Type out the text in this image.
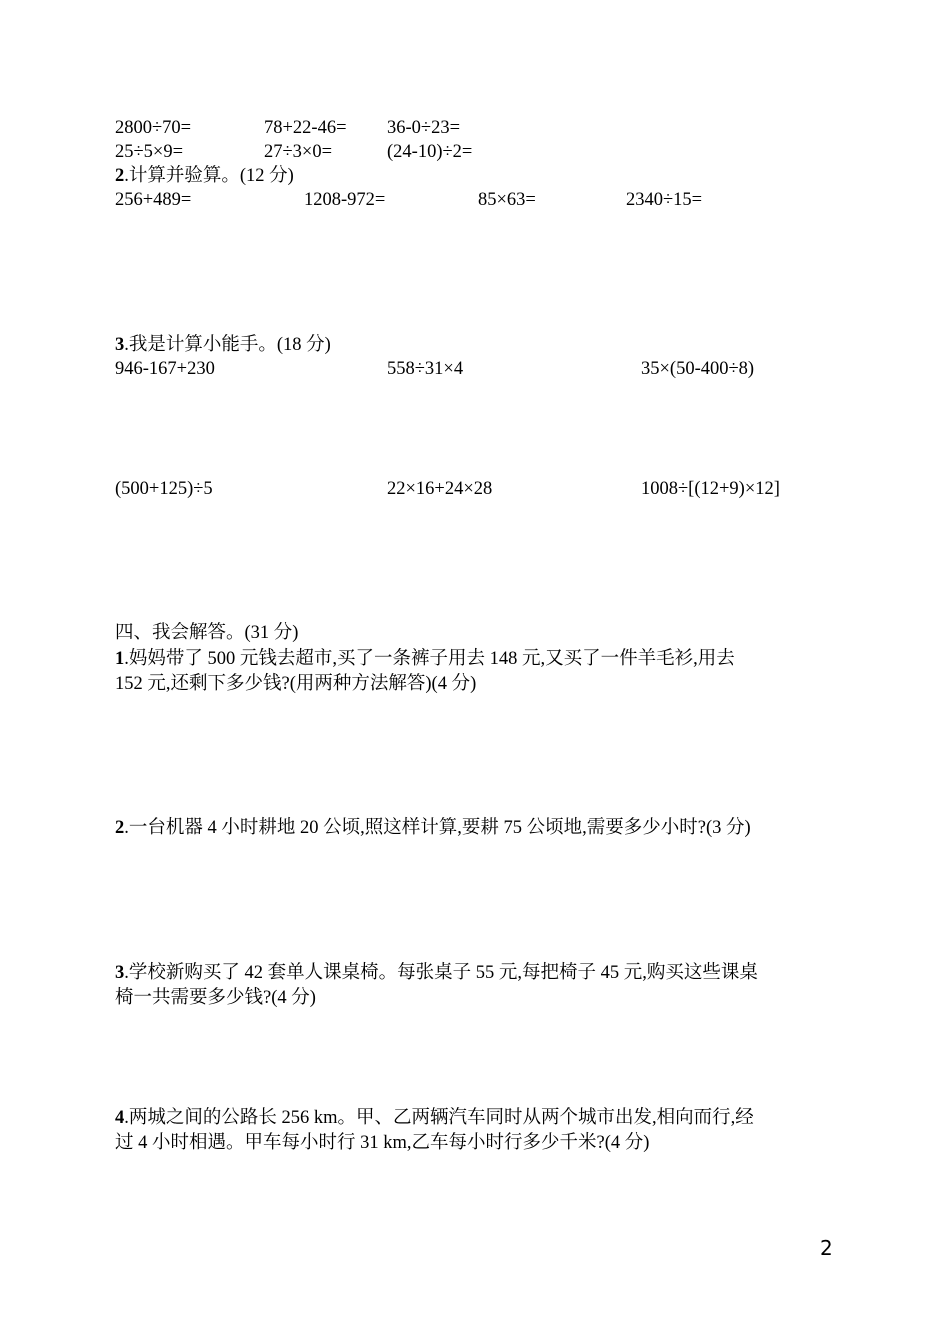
2800÷70=	78+22-46= 36-0÷23=
25÷5×9=	27÷3×0=	(24-10)÷2=
2.计算并验算。(12 分)
256+489=	1208-972=	85×63=	2340÷15=
3.我是计算小能手。(18 分)
946-167+230	558÷31×4	35×(50-400÷8)
(500+125)÷5	22×16+24×28	1008÷[(12+9)×12]
四、我会解答。(31 分)
1.妈妈带了 500 元钱去超市,买了一条裤子用去 148 元,又买了一件羊毛衫,用去
152 元,还剩下多少钱?(用两种方法解答)(4 分)
2.一台机器 4 小时耕地 20 公顷,照这样计算,要耕 75 公顷地,需要多少小时?(3 分)
3.学校新购买了 42 套单人课桌椅。每张桌子 55 元,每把椅子 45 元,购买这些课桌
椅一共需要多少钱?(4 分)
4.两城之间的公路长 256 km。甲、乙两辆汽车同时从两个城市出发,相向而行,经
过 4 小时相遇。甲车每小时行 31 km,乙车每小时行多少千米?(4 分)
2
